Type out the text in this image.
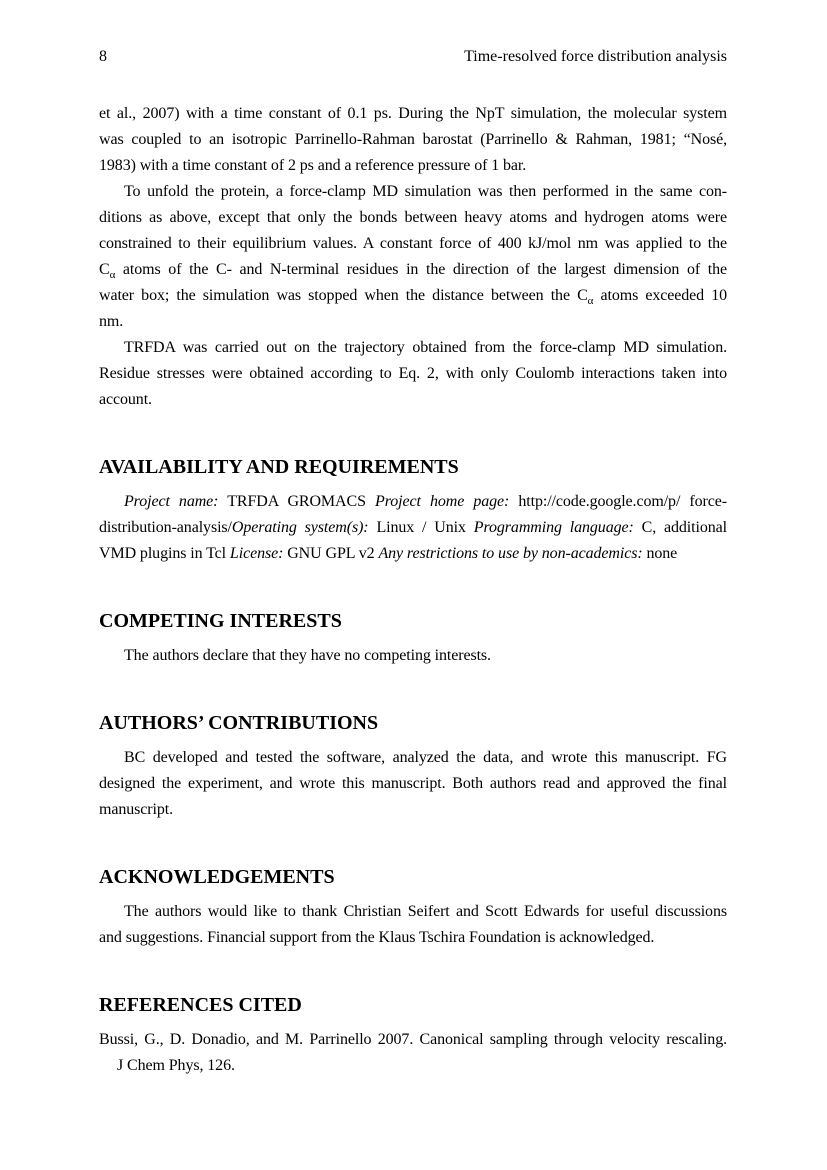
8	Time-resolved force distribution analysis
et al., 2007) with a time constant of 0.1 ps. During the NpT simulation, the molecular system
was coupled to an isotropic Parrinello-Rahman barostat (Parrinello & Rahman, 1981; “Nosé,
1983) with a time constant of 2 ps and a reference pressure of 1 bar.
To unfold the protein, a force-clamp MD simulation was then performed in the same con-
ditions as above, except that only the bonds between heavy atoms and hydrogen atoms were
constrained to their equilibrium values. A constant force of 400 kJ/mol nm was applied to the
$C_\alpha$ atoms of the C- and N-terminal residues in the direction of the largest dimension of the
water box; the simulation was stopped when the distance between the $C_\alpha$ atoms exceeded 10
nm.
TRFDA was carried out on the trajectory obtained from the force-clamp MD simulation.
Residue stresses were obtained according to Eq. 2, with only Coulomb interactions taken into
account.
AVAILABILITY AND REQUIREMENTS
Project name: TRFDA GROMACS Project home page: http://code.google.com/p/ force-
distribution-analysis/Operating system(s): Linux / Unix Programming language: C, additional
VMD plugins in Tcl License: GNU GPL v2 Any restrictions to use by non-academics: none
COMPETING INTERESTS
The authors declare that they have no competing interests.
AUTHORS’ CONTRIBUTIONS
BC developed and tested the software, analyzed the data, and wrote this manuscript. FG
designed the experiment, and wrote this manuscript. Both authors read and approved the final
manuscript.
ACKNOWLEDGEMENTS
The authors would like to thank Christian Seifert and Scott Edwards for useful discussions
and suggestions. Financial support from the Klaus Tschira Foundation is acknowledged.
REFERENCES CITED
Bussi, G., D. Donadio, and M. Parrinello 2007. Canonical sampling through velocity rescaling.
J Chem Phys, 126.
